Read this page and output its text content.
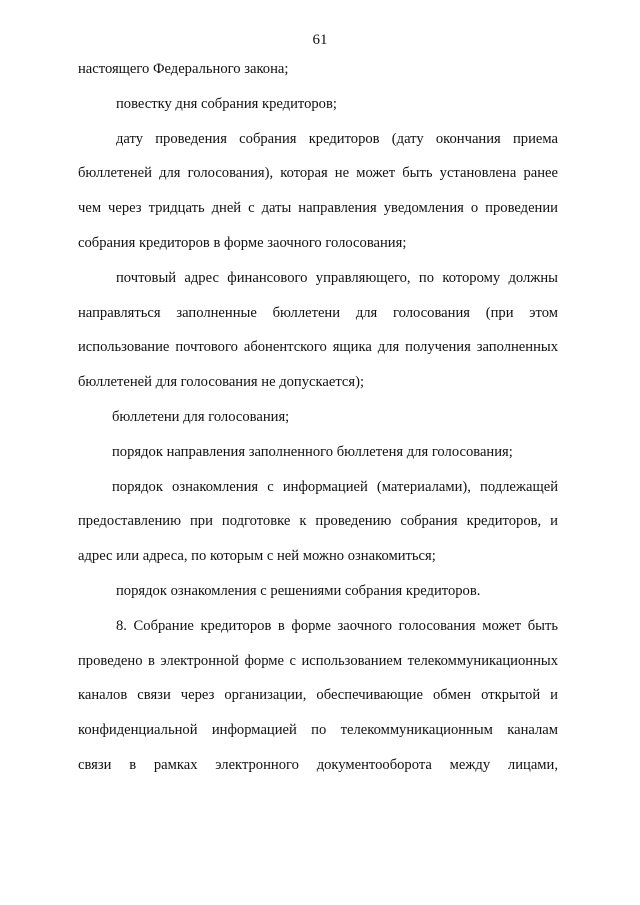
61

настоящего Федерального закона;

повестку дня собрания кредиторов;

дату проведения собрания кредиторов (дату окончания приема

бюллетеней для голосования), которая не может быть установлена ранее

чем через тридцать дней с даты направления уведомления о проведении

собрания кредиторов в форме заочного голосования;

почтовый адрес финансового управляющего, по которому должны

направляться заполненные бюллетени для голосования (при этом

использование почтового абонентского ящика для получения заполненных

бюллетеней для голосования не допускается);

бюллетени для голосования;

порядок направления заполненного бюллетеня для голосования;

порядок ознакомления с информацией (материалами), подлежащей

предоставлению при подготовке к проведению собрания кредиторов, и

адрес или адреса, по которым с ней можно ознакомиться;

порядок ознакомления с решениями собрания кредиторов.

8. Собрание кредиторов в форме заочного голосования может быть

проведено в электронной форме с использованием телекоммуникационных

каналов связи через организации, обеспечивающие обмен открытой и

конфиденциальной информацией по телекоммуникационным каналам

связи в рамках электронного документооборота между лицами,
